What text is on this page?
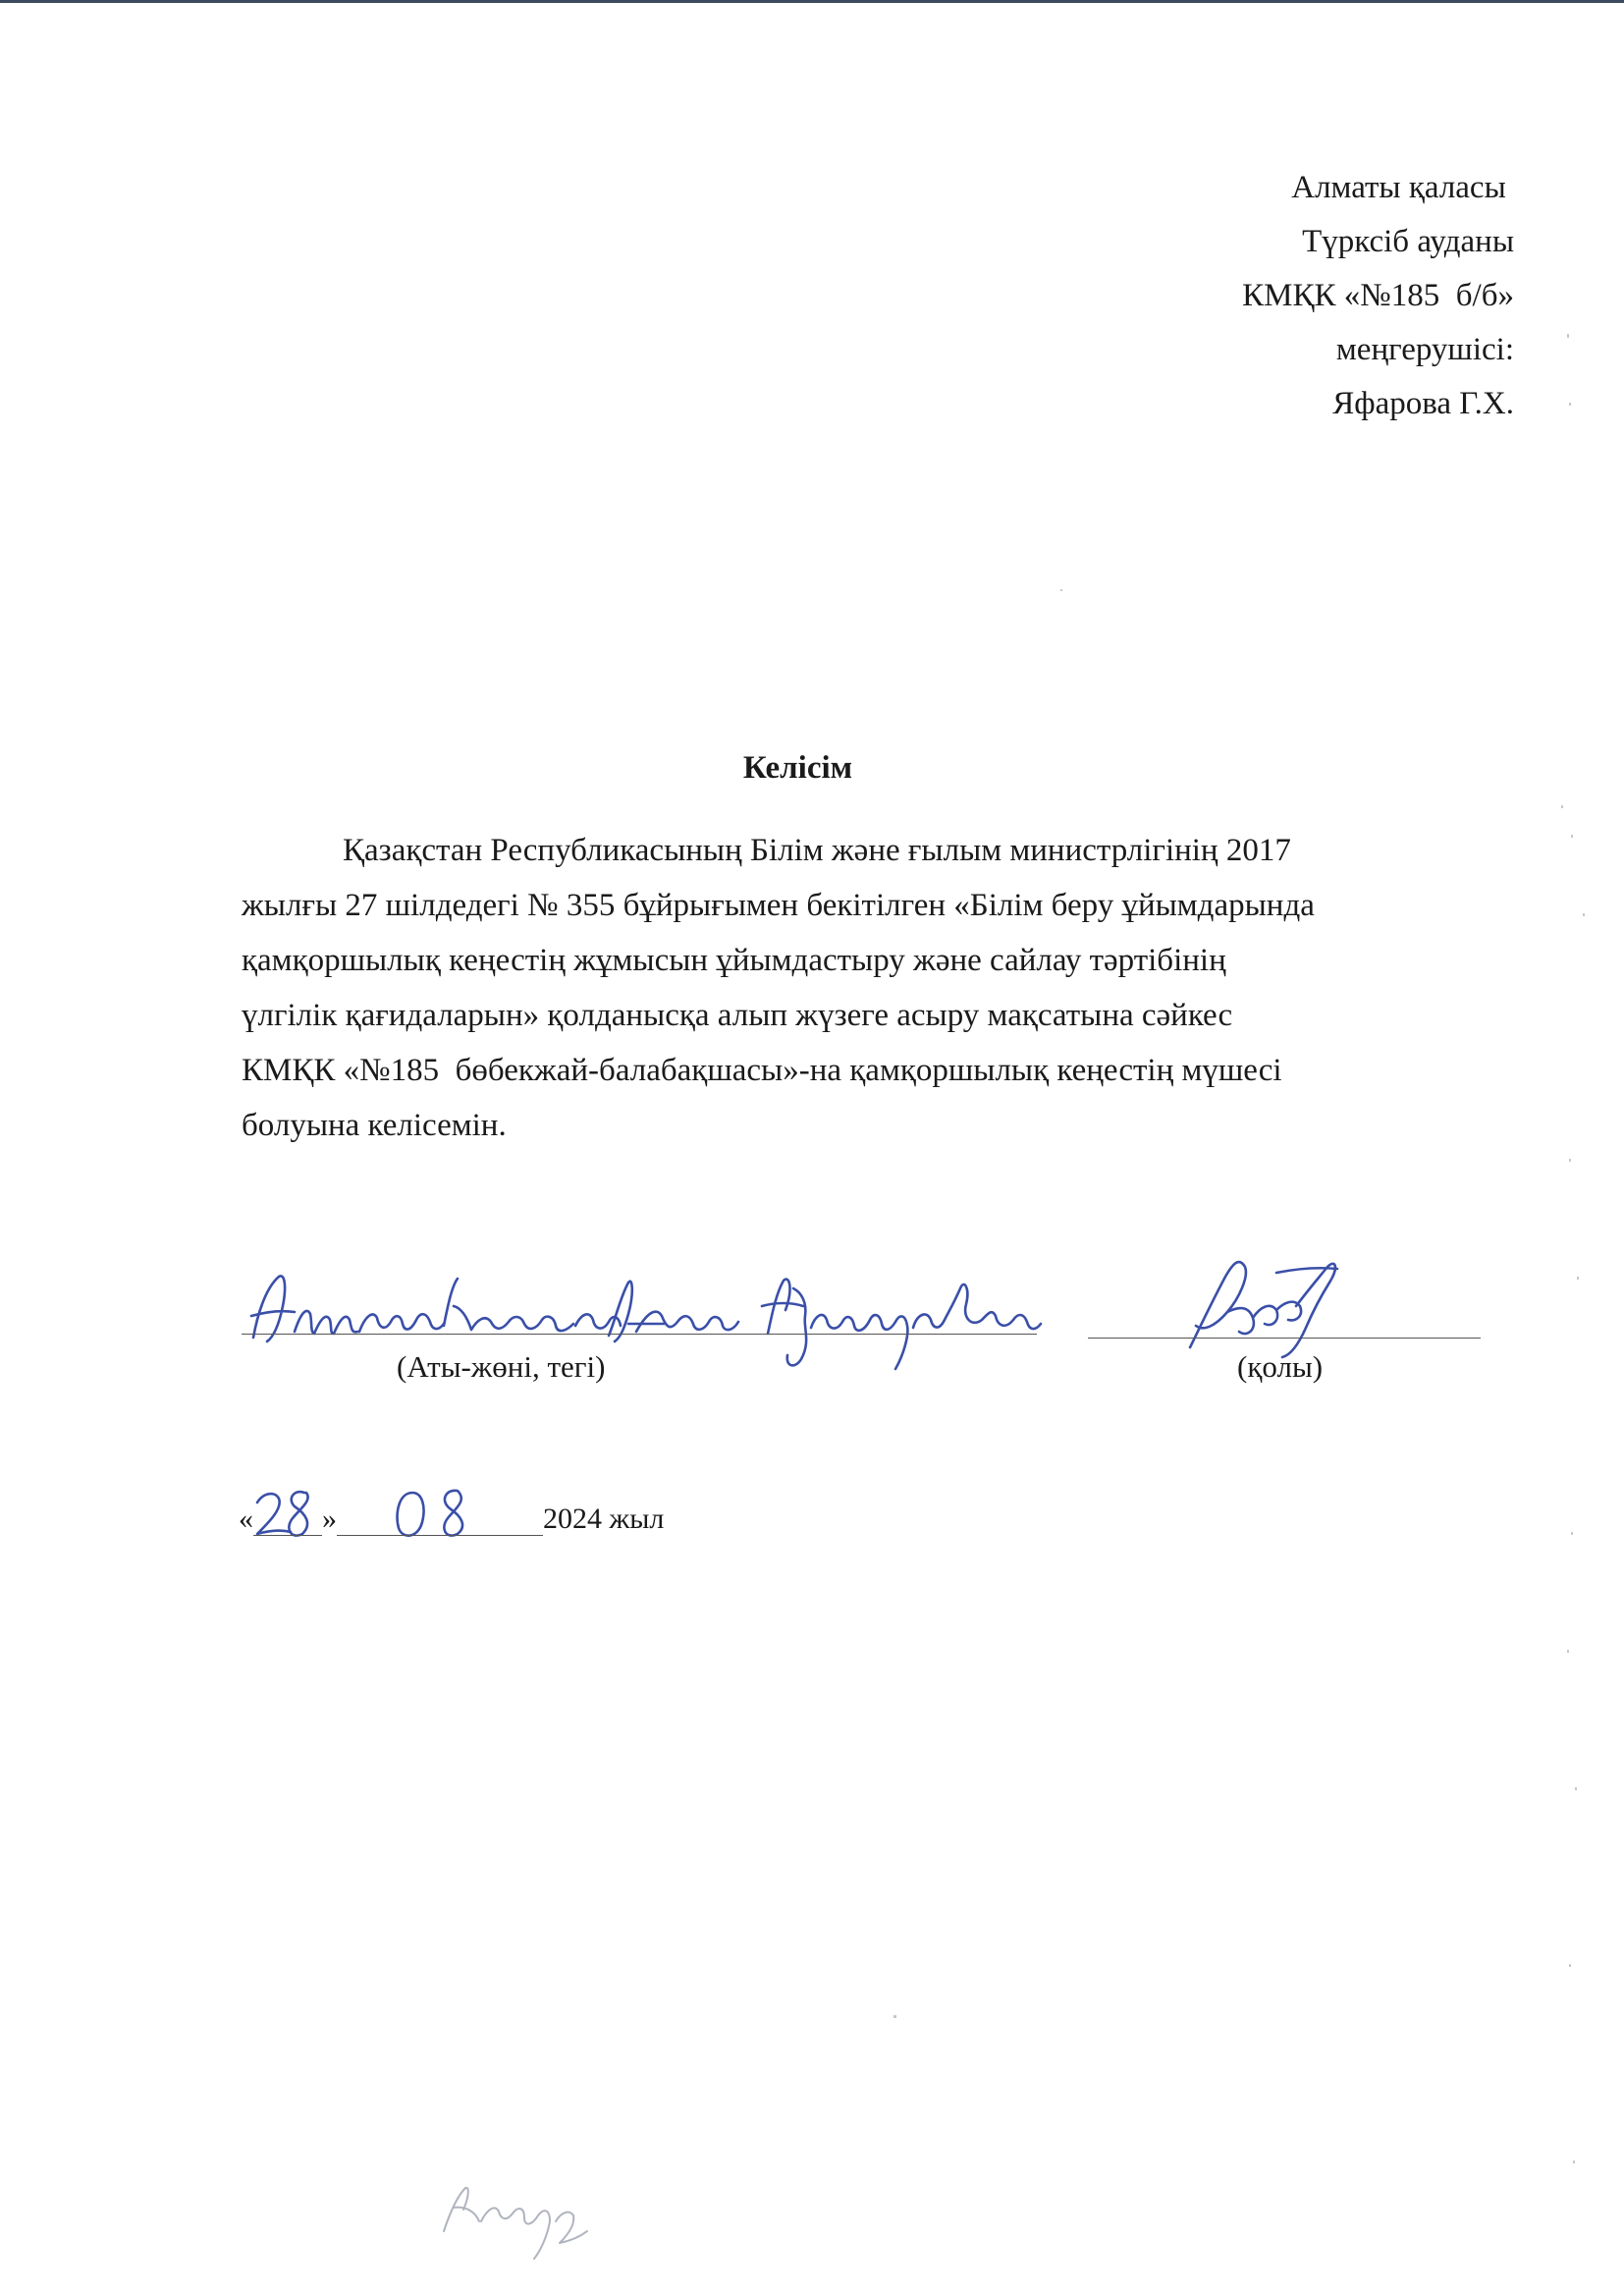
Алматы қаласы
Түрксіб ауданы
КМҚК «№185  б/б»
меңгерушісі:
Яфарова Г.Х.
Келісім
Қазақстан Республикасының Білім және ғылым министрлігінің 2017
жылғы 27 шілдедегі № 355 бұйрығымен бекітілген «Білім беру ұйымдарында
қамқоршылық кеңестің жұмысын ұйымдастыру және сайлау тәртібінің
үлгілік қағидаларын» қолданысқа алып жүзеге асыру мақсатына сәйкес
КМҚК «№185  бөбекжай-балабақшасы»-на қамқоршылық кеңестің мүшесі
болуына келісемін.
(Аты-жөні, тегі)	(қолы)
« »	2024 жыл
